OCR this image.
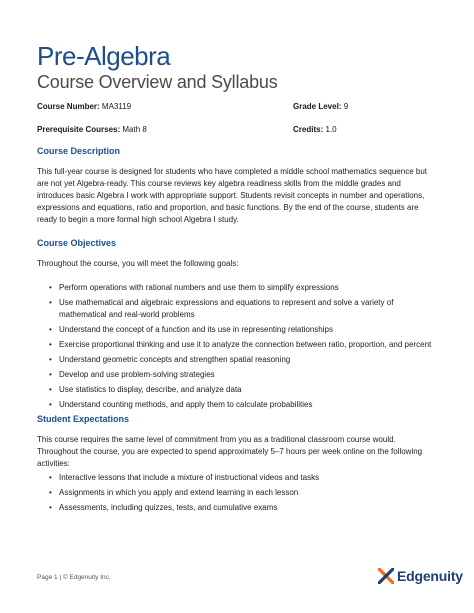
Pre-Algebra
Course Overview and Syllabus
Course Number: MA3119	Grade Level: 9
Prerequisite Courses: Math 8	Credits: 1.0
Course Description
This full-year course is designed for students who have completed a middle school mathematics sequence but are not yet Algebra-ready. This course reviews key algebra readiness skills from the middle grades and introduces basic Algebra I work with appropriate support. Students revisit concepts in number and operations, expressions and equations, ratio and proportion, and basic functions. By the end of the course, students are ready to begin a more formal high school Algebra I study.
Course Objectives
Throughout the course, you will meet the following goals:
• Perform operations with rational numbers and use them to simplify expressions
• Use mathematical and algebraic expressions and equations to represent and solve a variety of mathematical and real-world problems
• Understand the concept of a function and its use in representing relationships
• Exercise proportional thinking and use it to analyze the connection between ratio, proportion, and percent
• Understand geometric concepts and strengthen spatial reasoning
• Develop and use problem-solving strategies
• Use statistics to display, describe, and analyze data
• Understand counting methods, and apply them to calculate probabilities
Student Expectations
This course requires the same level of commitment from you as a traditional classroom course would. Throughout the course, you are expected to spend approximately 5–7 hours per week online on the following activities:
• Interactive lessons that include a mixture of instructional videos and tasks
• Assignments in which you apply and extend learning in each lesson
• Assessments, including quizzes, tests, and cumulative exams
Page 1 | © Edgenuity Inc.	Edgenuity
